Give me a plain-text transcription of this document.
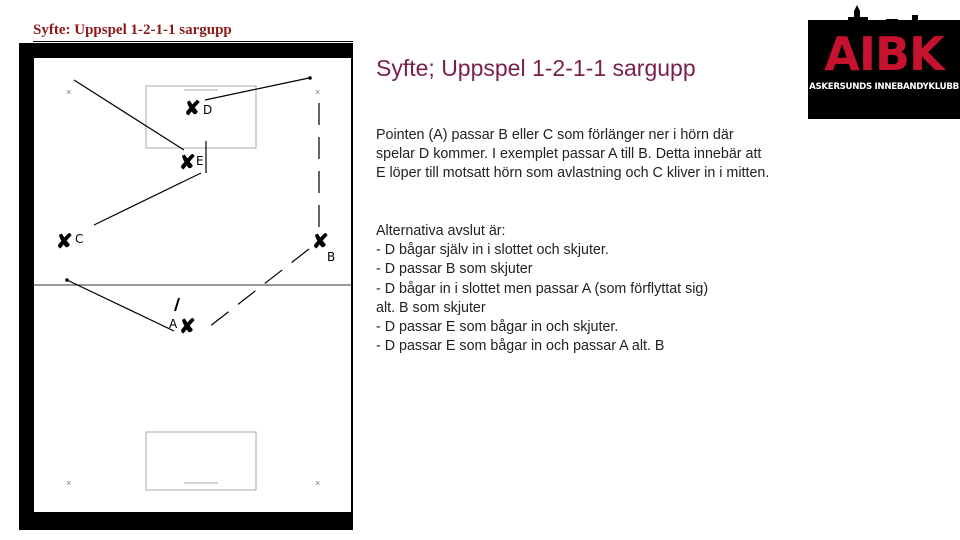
Syfte: Uppspel 1-2-1-1 sargupp
×	×
×	×
✘ D
✘ E
✘ C	✘
B
A ✘
Syfte; Uppspel 1-2-1-1 sargupp
Pointen (A) passar B eller C som förlänger ner i hörn där spelar D kommer. I exemplet passar A till B. Detta innebär att E löper till motsatt hörn som avlastning och C kliver in i mitten.
Alternativa avslut är:
- D bågar själv in i slottet och skjuter.
- D passar B som skjuter
- D bågar in i slottet men passar A (som förflyttat sig)
alt. B som skjuter
- D passar E som bågar in och skjuter.
- D passar E som bågar in och passar A alt. B
AIBK
ASKERSUNDS INNEBANDYKLUBB
